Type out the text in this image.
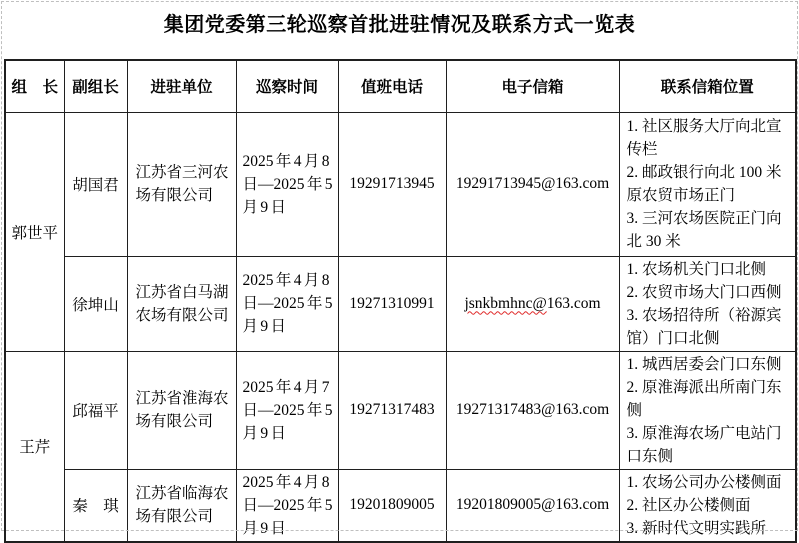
集团党委第三轮巡察首批进驻情况及联系方式一览表
组　长	副组长	进驻单位	巡察时间	值班电话	电子信箱	联系信箱位置
郭世平	胡国君	江苏省三河农场有限公司	2025 年 4 月 8 日—2025 年 5 月 9 日	19291713945	19291713945@163.com	1. 社区服务大厅向北宣传栏
2. 邮政银行向北 100 米原农贸市场正门
3. 三河农场医院正门向北 30 米

	徐坤山	江苏省白马湖农场有限公司	2025 年 4 月 8 日—2025 年 5 月 9 日	19271310991	jsnkbmhnc@163.com	1. 农场机关门口北侧
2. 农贸市场大门口西侧
3. 农场招待所（裕源宾馆）门口北侧

王芹	邱福平	江苏省淮海农场有限公司	2025 年 4 月 7 日—2025 年 5 月 9 日	19271317483	19271317483@163.com	1. 城西居委会门口东侧
2. 原淮海派出所南门东侧
3. 原淮海农场广电站门口东侧

	秦　琪	江苏省临海农场有限公司	2025 年 4 月 8 日—2025 年 5 月 9 日	19201809005	19201809005@163.com	1. 农场公司办公楼侧面
2. 社区办公楼侧面
3. 新时代文明实践所
